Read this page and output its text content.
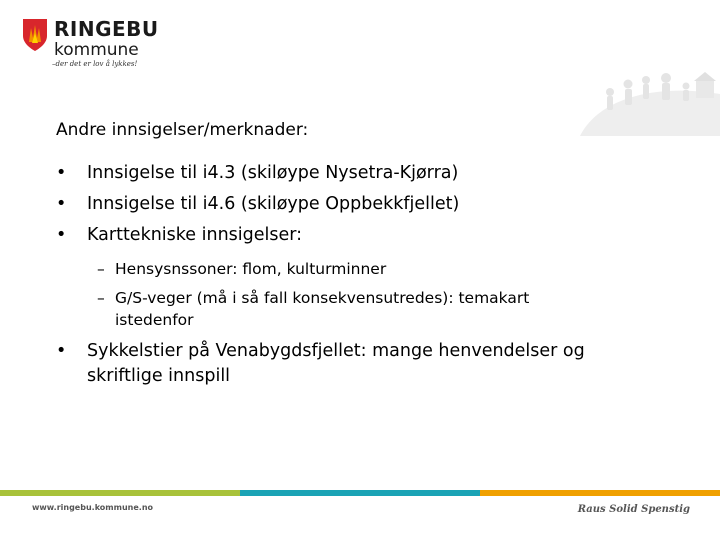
RINGEBU
kommune
–der det er lov å lykkes!
Andre innsigelser/merknader:
• Innsigelse til i4.3 (skiløype Nysetra-Kjørra)
• Innsigelse til i4.6 (skiløype Oppbekkfjellet)
• Karttekniske innsigelser:
– Hensysnssoner: flom, kulturminner
– G/S-veger (må i så fall konsekvensutredes): temakart
istedenfor
• Sykkelstier på Venabygdsfjellet: mange henvendelser og
skriftlige innspill
www.ringebu.kommune.no	Raus Solid Spenstig
